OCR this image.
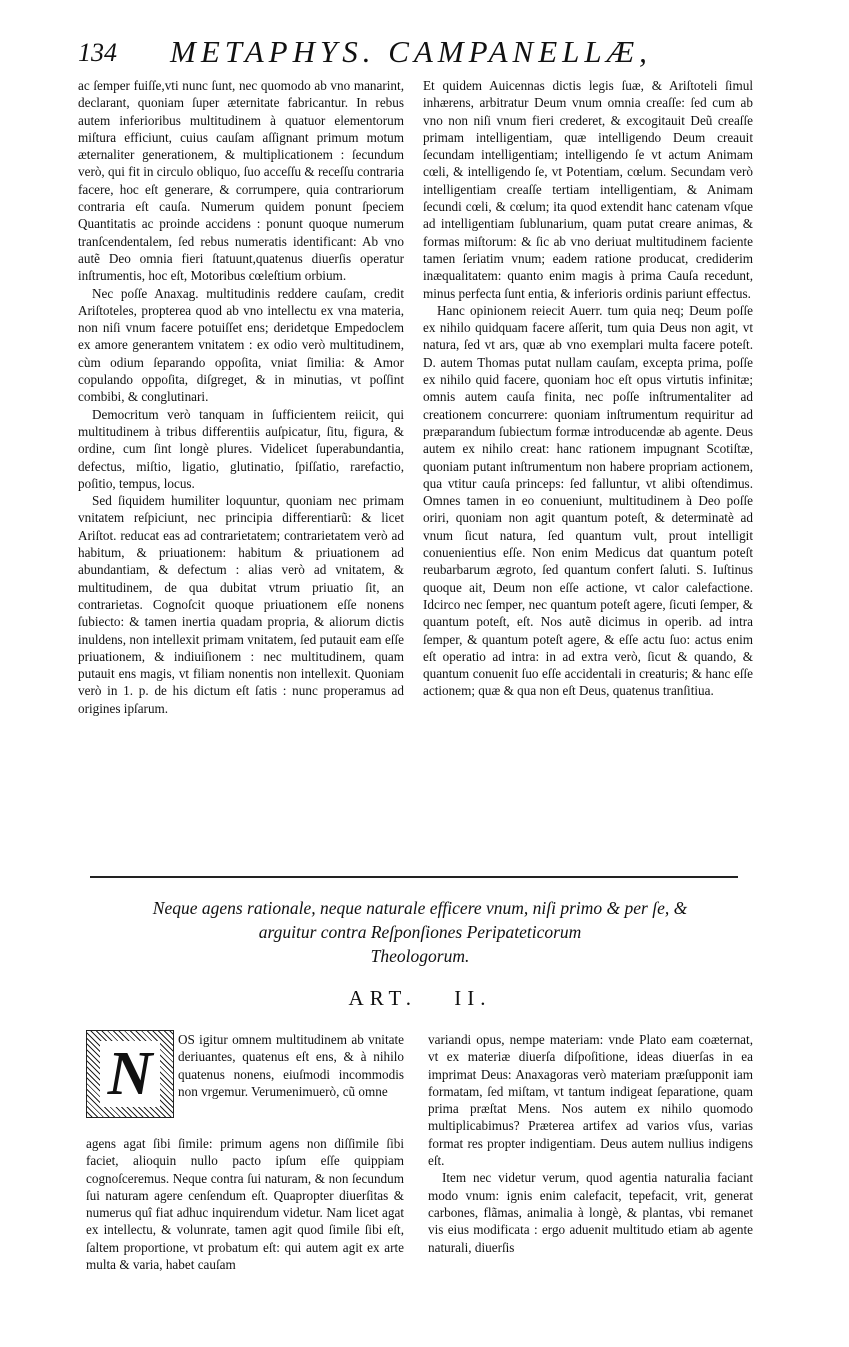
134 METAPHYS. CAMPANELLÆ,

ac ſemper fuiſſe,vti nunc ſunt, nec quomodo ab vno manarint, declarant, quoniam ſuper æternitate fabricantur. In rebus autem inferioribus multitudinem à quatuor elementorum miſtura efficiunt, cuius cauſam aſſignant primum motum æternaliter generationem, & multiplicationem : ſecundum verò, qui fit in circulo obliquo, ſuo acceſſu & receſſu contraria facere, hoc eſt generare, & corrumpere, quia contrariorum contraria eſt cauſa. Numerum quidem ponunt ſpeciem Quantitatis ac proinde accidens : ponunt quoque numerum tranſcendentalem, ſed rebus numeratis identificant: Ab vno autẽ Deo omnia fieri ſtatuunt,quatenus diuerſis operatur inſtrumentis, hoc eſt, Motoribus cœleſtium orbium.

Nec poſſe Anaxag. multitudinis reddere cauſam, credit Ariſtoteles, propterea quod ab vno intellectu ex vna materia, non niſi vnum facere potuiſſet ens; deridetque Empedoclem ex amore generantem vnitatem : ex odio verò multitudinem, cùm odium ſeparando oppoſita, vniat ſimilia: & Amor copulando oppoſita, diſgreget, & in minutias, vt poſſint combibi, & conglutinari.

Democritum verò tanquam in ſufficientem reiicit, qui multitudinem à tribus differentiis auſpicatur, ſitu, figura, & ordine, cum ſint longè plures. Videlicet ſuperabundantia, defectus, miſtio, ligatio, glutinatio, ſpiſſatio, rarefactio, poſitio, tempus, locus.

Sed ſiquidem humiliter loquuntur, quoniam nec primam vnitatem reſpiciunt, nec principia differentiarũ: & licet Ariſtot. reducat eas ad contrarietatem; contrarietatem verò ad habitum, & priuationem: habitum & priuationem ad abundantiam, & defectum : alias verò ad vnitatem, & multitudinem, de qua dubitat vtrum priuatio ſit, an contrarietas. Cognoſcit quoque priuationem eſſe nonens ſubiecto: & tamen inertia quadam propria, & aliorum dictis inuldens, non intellexit primam vnitatem, ſed putauit eam eſſe priuationem, & indiuiſionem : nec multitudinem, quam putauit ens magis, vt filiam nonentis non intellexit. Quoniam verò in 1. p. de his dictum eſt ſatis : nunc properamus ad origines ipſarum.

Et quidem Auicennas dictis legis ſuæ, & Ariſtoteli ſimul inhærens, arbitratur Deum vnum omnia creaſſe: ſed cum ab vno non niſi vnum fieri crederet, & excogitauit Deũ creaſſe primam intelligentiam, quæ intelligendo Deum creauit ſecundam intelligentiam; intelligendo ſe vt actum Animam cœli, & intelligendo ſe, vt Potentiam, cœlum. Secundam verò intelligentiam creaſſe tertiam intelligentiam, & Animam ſecundi cœli, & cœlum; ita quod extendit hanc catenam vſque ad intelligentiam ſublunarium, quam putat creare animas, & formas miſtorum: & ſic ab vno deriuat multitudinem faciente tamen ſeriatim vnum; eadem ratione producat, crediderim inæqualitatem: quanto enim magis à prima Cauſa recedunt, minus perfecta ſunt entia, & inferioris ordinis pariunt effectus.

Hanc opinionem reiecit Auerr. tum quia neq; Deum poſſe ex nihilo quidquam facere aſſerit, tum quia Deus non agit, vt natura, ſed vt ars, quæ ab vno exemplari multa facere poteſt. D. autem Thomas putat nullam cauſam, excepta prima, poſſe ex nihilo quid facere, quoniam hoc eſt opus virtutis infinitæ; omnis autem cauſa finita, nec poſſe inſtrumentaliter ad creationem concurrere: quoniam inſtrumentum requiritur ad præparandum ſubiectum formæ introducendæ ab agente. Deus autem ex nihilo creat: hanc rationem impugnant Scotiſtæ, quoniam putant inſtrumentum non habere propriam actionem, qua vtitur cauſa princeps: ſed falluntur, vt alibi oſtendimus. Omnes tamen in eo conueniunt, multitudinem à Deo poſſe oriri, quoniam non agit quantum poteſt, & determinatè ad vnum ſicut natura, ſed quantum vult, prout intelligit conuenientius eſſe. Non enim Medicus dat quantum poteſt reubarbarum ægroto, ſed quantum confert ſaluti. S. Iuſtinus quoque ait, Deum non eſſe actione, vt calor calefactione. Idcirco nec ſemper, nec quantum poteſt agere, ſicuti ſemper, & quantum poteſt, eſt. Nos autẽ dicimus in operib. ad intra ſemper, & quantum poteſt agere, & eſſe actu ſuo: actus enim eſt operatio ad intra: in ad extra verò, ſicut & quando, & quantum conuenit ſuo eſſe accidentali in creaturis; & hanc eſſe actionem; quæ & qua non eſt Deus, quatenus tranſitiua.

Neque agens rationale, neque naturale efficere vnum, niſi primo & per ſe, &
arguitur contra Reſponſiones Peripateticorum
Theologorum.
ART. II.
N

OS igitur omnem multitudinem ab vnitate deriuantes, quatenus eſt ens, & à nihilo quatenus nonens, eiuſmodi incommodis non vrgemur. Verumenimuerò, cũ omne

agens agat ſibi ſimile: primum agens non diſſimile ſibi faciet, alioquin nullo pacto ipſum eſſe quippiam cognoſceremus. Neque contra ſui naturam, & non ſecundum ſui naturam agere cenſendum eſt. Quapropter diuerſitas & numerus quî fiat adhuc inquirendum videtur. Nam licet agat ex intellectu, & volunrate, tamen agit quod ſimile ſibi eſt, ſaltem proportione, vt probatum eſt: qui autem agit ex arte multa & varia, habet cauſam

variandi opus, nempe materiam: vnde Plato eam coæternat, vt ex materiæ diuerſa diſpoſitione, ideas diuerſas in ea imprimat Deus: Anaxagoras verò materiam præſupponit iam formatam, ſed miſtam, vt tantum indigeat ſeparatione, quam prima præſtat Mens. Nos autem ex nihilo quomodo multiplicabimus? Præterea artifex ad varios vſus, varias format res propter indigentiam. Deus autem nullius indigens eſt.

Item nec videtur verum, quod agentia naturalia faciant modo vnum: ignis enim calefacit, tepefacit, vrit, generat carbones, flãmas, animalia à longè, & plantas, vbi remanet vis eius modificata : ergo aduenit multitudo etiam ab agente naturali, diuerſis
